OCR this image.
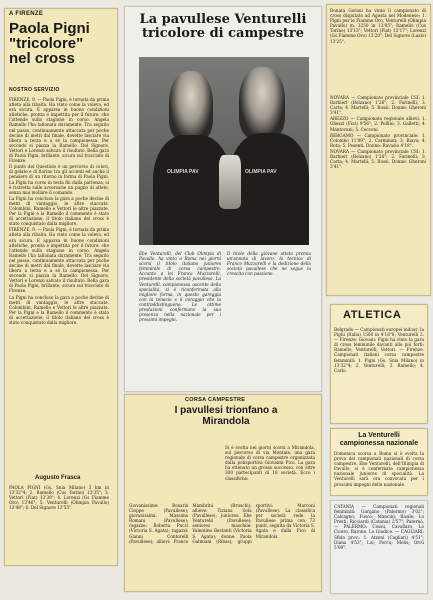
A FIRENZE
Paola Pigni "tricolore" nel cross
NOSTRO SERVIZIO

FIRENZE, 9. — Paola Pigni, è tornata da prima atleta alla ribalta. Ha vinto come la voleva, ed era sicura. E apparsa in buone condizioni atletiche, pronta e impettita per il futuro: che l'attende sulla stagione in corso. Angela Ramello l'ha tallonata duramente. Tra seguito nel passo, continuamente attaccata per poche decine di metri dal finale, dovette lasciare via libera a terza e a sé la campionessa. Per secondo si piazza la Ramello. Del Signore, Vettori e Lorenzi salvato il risultato. Bella gara di Paola Pigni, brillante, sicura sul tracciato di Firenze.

Il punto del Questiolo è un percorso di colori, di gelate e di fiorino tra gli accenti ed anche il pensiero di un ritorno in forma di Paola Pigni. La Pigni ha corso in testa fin dalla partenza, si è ristretta sulle avversarie un pugno di atlete, senza mai mollare il comando.

La Pigni ha concluso la gara a poche decine di metri di vantaggio, le altre staccate. Colombini, Ramello e Vettori le altre piazzate. Per la Pigni e la Ramello il commento è stato di accettazione, il titolo italiano del cross è stato conquistato dalla migliore.

FIRENZE, 9. — Paola Pigni, è tornata da prima atleta alla ribalta. Ha vinto come la voleva, ed era sicura. E apparsa in buone condizioni atletiche, pronta e impettita per il futuro: che l'attende sulla stagione in corso. Angela Ramello l'ha tallonata duramente. Tra seguito nel passo, continuamente attaccata per poche decine di metri dal finale, dovette lasciare via libera a terza e a sé la campionessa. Per secondo si piazza la Ramello. Del Signore, Vettori e Lorenzi salvato il risultato. Bella gara di Paola Pigni, brillante, sicura sul tracciato di Firenze.

La Pigni ha concluso la gara a poche decine di metri di vantaggio, le altre staccate. Colombini, Ramello e Vettori le altre piazzate. Per la Pigni e la Ramello il commento è stato di accettazione, il titolo italiano del cross è stato conquistato dalla migliore.

Augusto Frasca
PAOLA PIGNI (Gs. Snia Milano) 3 km in 13'32"4; 2. Ramello (Cus Torino) 13'35"; 3. Vettori (Fiat) 13'39"; 4. Lorenzi (Gs Fiamme Oro) 13'46"; 5. Venturelli (Olimpia Pavullo) 13'48"; 6. Del Signore 13'55".
La pavullese Venturelli tricolore di campestre
OLIMPIA PAV	OLIMPIA PAV
Ebe Venturelli, del Club Olimpia di Pavullo, ha vinto a Roma nei giorni scorsi il titolo italiano juniores femminile di corsa campestre. Accanto a lei Franca Muzzarelli, presidente della società pavullese. La Venturelli, campionessa uscente della specialità, si è riconfermata alla migliore forma, in questo gareggia con la tenacia e il coraggio che la contraddistinguono. Le ottime prestazioni confermano la sua presenza nella nazionale per i prossimi impegni.
Il titolo della giovane atleta premia un'annata di lavoro, la tecnica di Franco Muzzarelli e la dedizione della società pavullese che ne segue la crescita con passione.
CORSA CAMPESTRE
I pavullesi trionfano a Mirandola
Si è svolta nei giorni scorsi a Mirandola, sul percorso di via Montaie, una gara regionale di corsa campestre organizzata dalla polisportiva Giovanni Pico. La gara ha ottenuto un grosso successo, con oltre 300 partecipanti di 18 società. Ecco i classifiche:
Giovanissime: Rosaria Cioppe (Pavullese); giovanissimi: Massimo Romani (Pavullese); ragazze: Roberta Pucci (Victoria S. Agata); ragazzi: Gianni Contorelli (Pavullese); allievi: Franco Mambrini (Bruschi); allieve: Tiziana Sola (Pavullese); juniores: Ebe Venturelli (Pavullese); seniores maschile: Valentino Bestanti (Victoria S. Agata); donne: Paola Galmiani (Ribas); gruppi sportivi: Marconi (Pavullese). La classifica per società vede la Pavullese prima con 73 punti, seguita da Victoria S. Agata e dalla Pico di Mirandola.
Donata Gorani ha vinto il campionato di cross disputato ad Agosta nel Modenese: 1. Pigni per le Fiamme Oro, Venturelli (Olimpia Pavullo) m. 3250 in 13'05"; Ramello (Cus Torino) 13'13"; Vettori (Fiat) 13'17"; Lorenzi (Gs Fiamme Oro) 13'20"; Del Signore (Lazio) 13'25".

NOVARA — Campionato provinciale CSI: 1. Barbieri (Bolzano) 1'26"; 2. Farinelli; 3. Carta; 4. Martelli; 5. Rossi. Donne: Gheroni 3'41".

AREZZO — Campionato regionale allievi: 1. Ghezzi (Fiat) 9'56"; 2. Pollini; 3. Galletti; 4. Mantovani; 5. Cecconi.

BERGAMO — Campionato provinciale: 1. Colombo 11'09"; 2. Carminati; 3. Biava; 4. Rota; 5. Pesenti. Donne: Ravasio 4'18".

NOVARA — Campionato provinciale CSI: 1. Barbieri (Bolzano) 1'26"; 2. Farinelli; 3. Carta; 4. Martelli; 5. Rossi. Donne: Gheroni 3'41".

ATLETICA
Belgrado — Campionati europei indoor: la Pigni (Italia) 1500 in 4'18"8; Venturelli 2. — Firenze: Giovani: Pigni ha vinto la gara di cross femminile davanti alle più forti: Ramello, Venturelli, Vettori. — Firenze. Campionati italiani corsa campestre femminili: 1. Pigni (Gs. Snia Milano) in 13'32"4; 2. Venturelli; 3. Ramello; 4. Carlo.
La Venturelli campionessa nazionale
Domenica scorsa a Roma si è svolta la prova dei campionati nazionali di corsa campestre. Ebe Venturelli, dell'Olimpia di Pavullo, si è confermata campionessa nazionale juniores di specialità. La Venturelli sarà ora convocata per i prossimi impegni della nazionale.
CATANIA — Campionati regionali femminili: Gargano (Palermo) 3'02"; Calcagno; Fusco; Mancini; Basile; Lo Presti; Ricciardi (Catania) 2'57"; Paternò. — PALERMO: Cossu, Cavallaro, Lo Cicero, Barone, Lo Giudice. — CAGLIARI: Sfida prov.: 1. Atzeni (Cagliari) 4'51"; Diana 4'53"; Loi; Porcu; Melis; Orrù 5'09".
